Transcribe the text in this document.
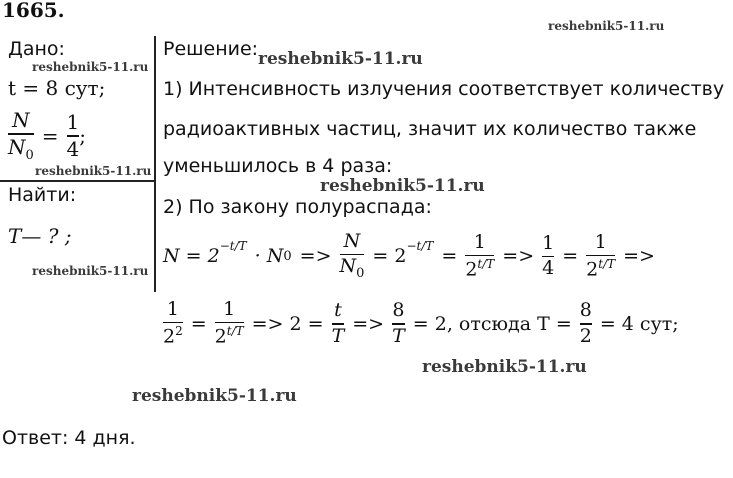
1665.
reshebnik5-11.ru
reshebnik5-11.ru	reshebnik5-11.ru
reshebnik5-11.ru
reshebnik5-11.ru
reshebnik5-11.ru
reshebnik5-11.ru
reshebnik5-11.ru
Дано:
t = 8 сут;
$\frac{N}{N_0} = \frac{1}{4}$ ;
Найти:
T— ? ;
Решение:
1) Интенсивность излучения соответствует количеству
радиоактивных частиц, значит их количество также
уменьшилось в 4 раза:
2) По закону полураспада:
$N = 2^{-t/T} \cdot N$ $0 => \frac{N}{N_0} = 2^{-t/T} = \frac{1}{2^{t/T}} => \frac{1}{4} = \frac{1}{2^{t/T}}$ =>
$\frac{1}{2^2} = \frac{1}{2^{t/T}} => 2 = \frac{t}{T} => \frac{8}{T} = 2$, отсюда $T = \frac{8}{2} = 4$ сут;
Ответ: 4 дня.
